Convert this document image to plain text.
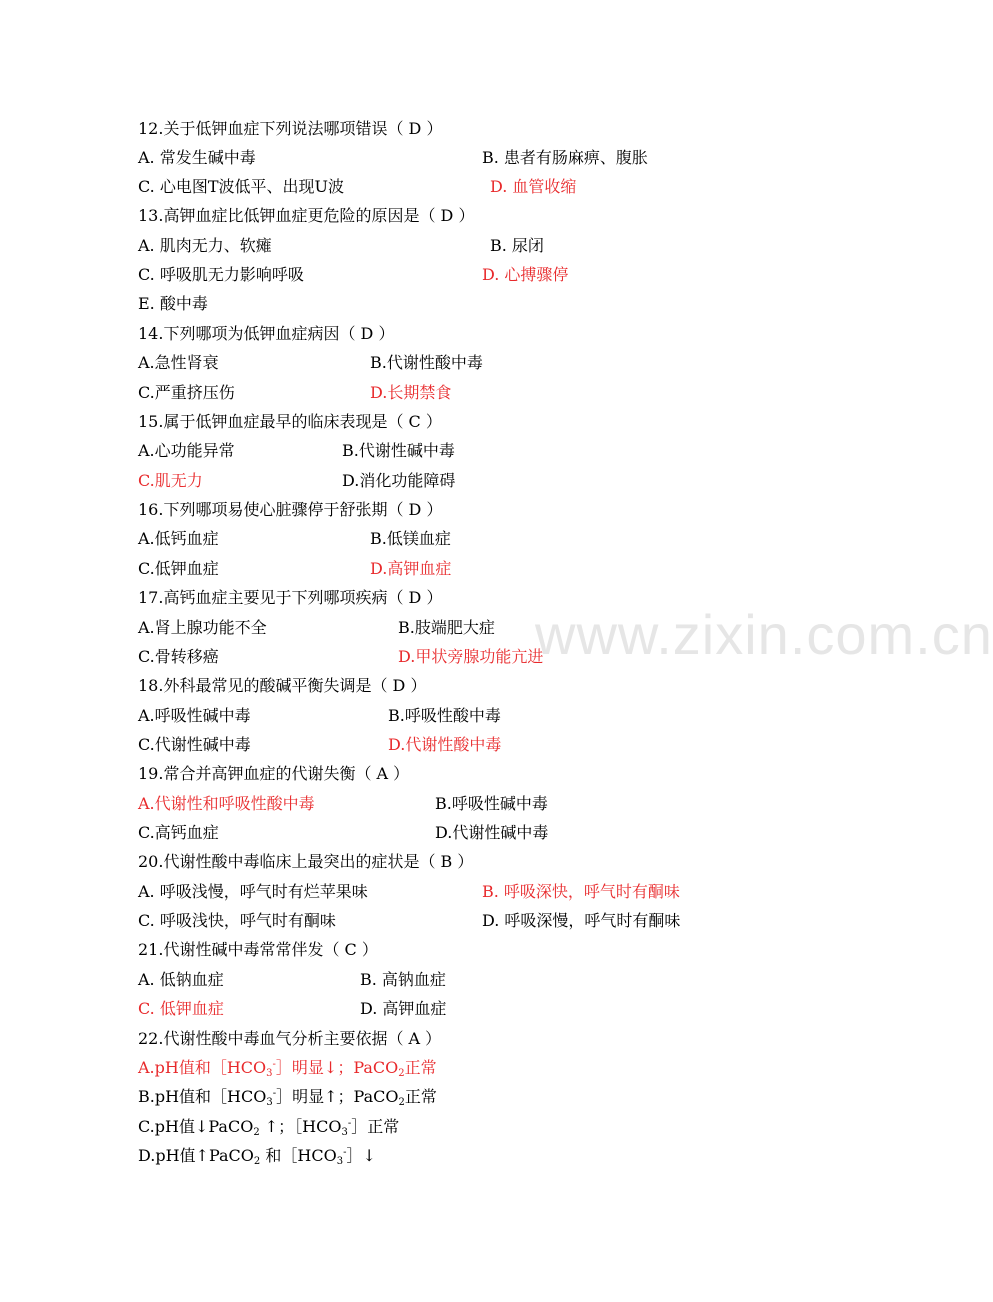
www.zixin.com.cn
12.关于低钾血症下列说法哪项错误（ D ）
A. 常发生碱中毒	B. 患者有肠麻痹、腹胀
C. 心电图T波低平、出现U波	D. 血管收缩
13.高钾血症比低钾血症更危险的原因是（ D ）
A. 肌肉无力、软瘫	B. 尿闭
C. 呼吸肌无力影响呼吸	D. 心搏骤停
E. 酸中毒
14.下列哪项为低钾血症病因（ D ）
A.急性肾衰	B.代谢性酸中毒
C.严重挤压伤	D.长期禁食
15.属于低钾血症最早的临床表现是（ C ）
A.心功能异常	B.代谢性碱中毒
C.肌无力	D.消化功能障碍
16.下列哪项易使心脏骤停于舒张期（ D ）
A.低钙血症	B.低镁血症
C.低钾血症	D.高钾血症
17.高钙血症主要见于下列哪项疾病（ D ）
A.肾上腺功能不全	B.肢端肥大症
C.骨转移癌	D.甲状旁腺功能亢进
18.外科最常见的酸碱平衡失调是（ D ）
A.呼吸性碱中毒	B.呼吸性酸中毒
C.代谢性碱中毒	D.代谢性酸中毒
19.常合并高钾血症的代谢失衡（ A ）
A.代谢性和呼吸性酸中毒	B.呼吸性碱中毒
C.高钙血症	D.代谢性碱中毒
20.代谢性酸中毒临床上最突出的症状是（ B ）
A. 呼吸浅慢，呼气时有烂苹果味	B. 呼吸深快，呼气时有酮味
C. 呼吸浅快，呼气时有酮味	D. 呼吸深慢，呼气时有酮味
21.代谢性碱中毒常常伴发（ C ）
A. 低钠血症	B. 高钠血症
C. 低钾血症	D. 高钾血症
22.代谢性酸中毒血气分析主要依据（ A ）
A.pH值和$[HCO_3^-]$明显↓；PaCO$_2$正常
B.pH值和$[HCO_3^-]$明显↑；PaCO$_2$正常
C.pH值↓PaCO$_2$ ↑；$[HCO_3^-]$正常
D.pH值↑PaCO$_2$ 和$[HCO_3^-]↓$
